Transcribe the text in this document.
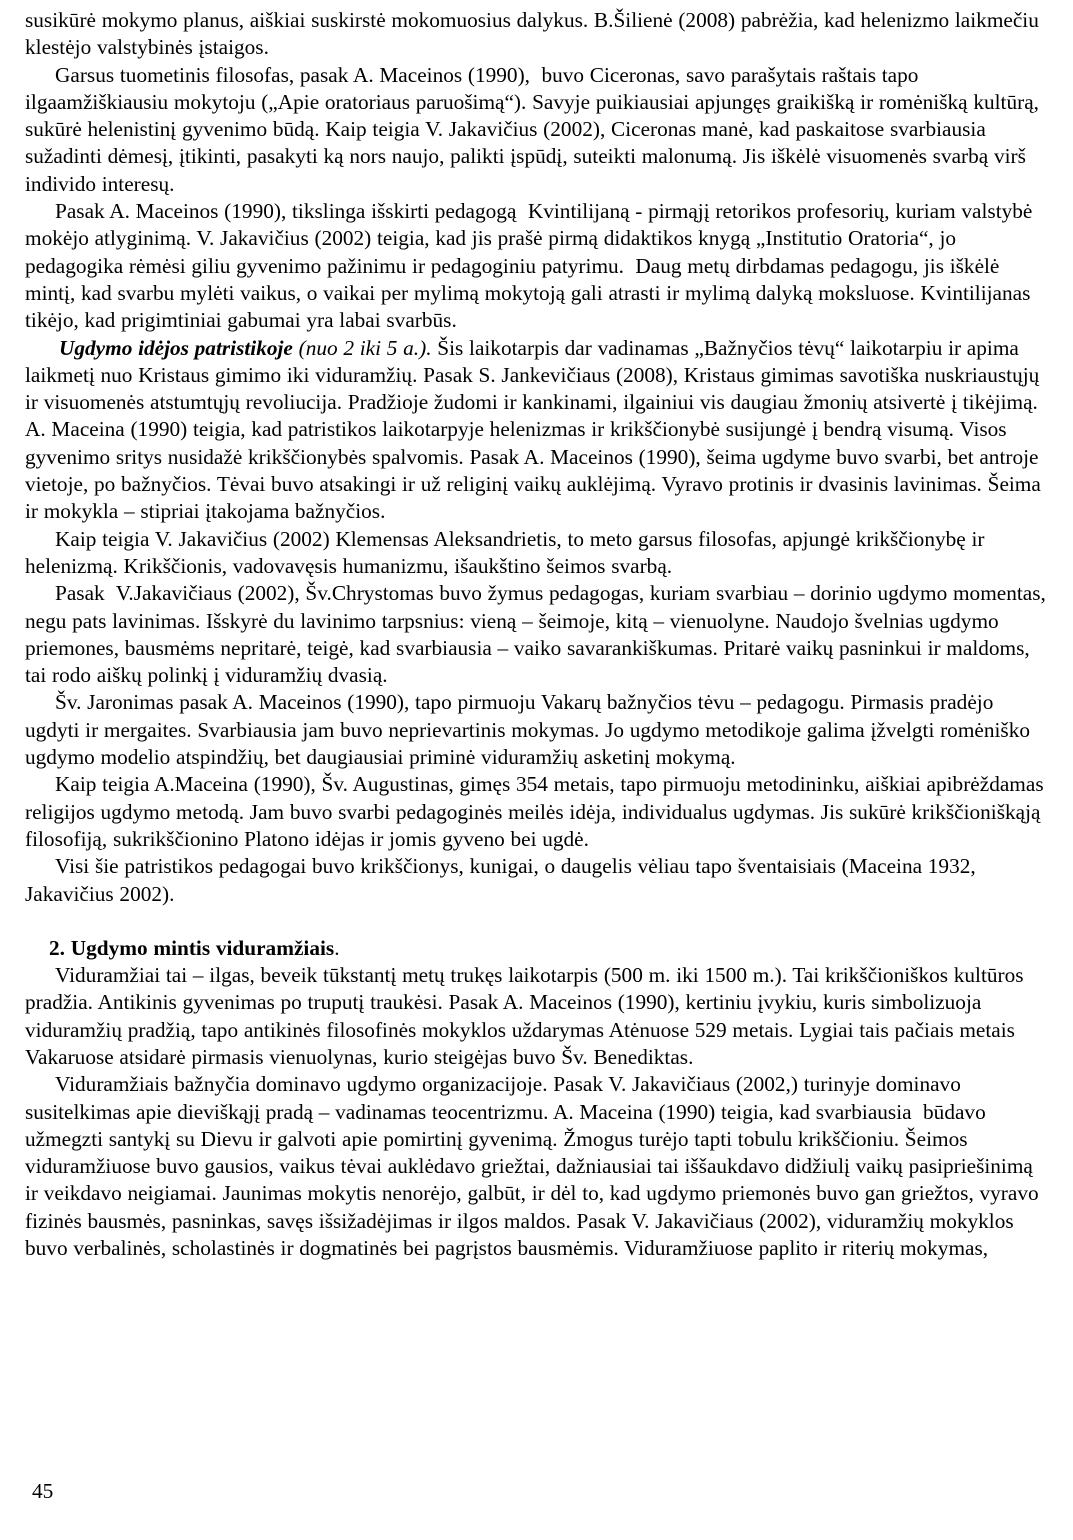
susikūrė mokymo planus, aiškiai suskirstė mokomuosius dalykus. B.Šilienė (2008) pabrėžia, kad helenizmo laikmečiu klestėjo valstybinės įstaigos.

Garsus tuometinis filosofas, pasak A. Maceinos (1990),  buvo Ciceronas, savo parašytais raštais tapo ilgaamžiškiausiu mokytoju („Apie oratoriaus paruošimą“). Savyje puikiausiai apjungęs graikišką ir romėnišką kultūrą, sukūrė helenistinį gyvenimo būdą. Kaip teigia V. Jakavičius (2002), Ciceronas manė, kad paskaitose svarbiausia sužadinti dėmesį, įtikinti, pasakyti ką nors naujo, palikti įspūdį, suteikti malonumą. Jis iškėlė visuomenės svarbą virš individo interesų.

Pasak A. Maceinos (1990), tikslinga išskirti pedagogą  Kvintilijaną - pirmąjį retorikos profesorių, kuriam valstybė mokėjo atlyginimą. V. Jakavičius (2002) teigia, kad jis prašė pirmą didaktikos knygą „Institutio Oratoria“, jo pedagogika rėmėsi giliu gyvenimo pažinimu ir pedagoginiu patyrimu.  Daug metų dirbdamas pedagogu, jis iškėlė mintį, kad svarbu mylėti vaikus, o vaikai per mylimą mokytoją gali atrasti ir mylimą dalyką moksluose. Kvintilijanas tikėjo, kad prigimtiniai gabumai yra labai svarbūs.

Ugdymo idėjos patristikoje (nuo 2 iki 5 a.). Šis laikotarpis dar vadinamas „Bažnyčios tėvų“ laikotarpiu ir apima laikmetį nuo Kristaus gimimo iki viduramžių. Pasak S. Jankevičiaus (2008), Kristaus gimimas savotiška nuskriaustųjų ir visuomenės atstumtųjų revoliucija. Pradžioje žudomi ir kankinami, ilgainiui vis daugiau žmonių atsivertė į tikėjimą. A. Maceina (1990) teigia, kad patristikos laikotarpyje helenizmas ir krikščionybė susijungė į bendrą visumą. Visos gyvenimo sritys nusidažė krikščionybės spalvomis. Pasak A. Maceinos (1990), šeima ugdyme buvo svarbi, bet antroje vietoje, po bažnyčios. Tėvai buvo atsakingi ir už religinį vaikų auklėjimą. Vyravo protinis ir dvasinis lavinimas. Šeima ir mokykla – stipriai įtakojama bažnyčios.

Kaip teigia V. Jakavičius (2002) Klemensas Aleksandrietis, to meto garsus filosofas, apjungė krikščionybę ir helenizmą. Krikščionis, vadovavęsis humanizmu, išaukštino šeimos svarbą.

Pasak  V.Jakavičiaus (2002), Šv.Chrystomas buvo žymus pedagogas, kuriam svarbiau – dorinio ugdymo momentas, negu pats lavinimas. Išskyrė du lavinimo tarpsnius: vieną – šeimoje, kitą – vienuolyne. Naudojo švelnias ugdymo priemones, bausmėms nepritarė, teigė, kad svarbiausia – vaiko savarankiškumas. Pritarė vaikų pasninkui ir maldoms, tai rodo aiškų polinkį į viduramžių dvasią.

Šv. Jaronimas pasak A. Maceinos (1990), tapo pirmuoju Vakarų bažnyčios tėvu – pedagogu. Pirmasis pradėjo ugdyti ir mergaites. Svarbiausia jam buvo neprievartinis mokymas. Jo ugdymo metodikoje galima įžvelgti romėniško ugdymo modelio atspindžių, bet daugiausiai priminė viduramžių asketinį mokymą.

Kaip teigia A.Maceina (1990), Šv. Augustinas, gimęs 354 metais, tapo pirmuoju metodininku, aiškiai apibrėždamas religijos ugdymo metodą. Jam buvo svarbi pedagoginės meilės idėja, individualus ugdymas. Jis sukūrė krikščioniškąją filosofiją, sukrikščionino Platono idėjas ir jomis gyveno bei ugdė.

Visi šie patristikos pedagogai buvo krikščionys, kunigai, o daugelis vėliau tapo šventaisiais (Maceina 1932, Jakavičius 2002).

2. Ugdymo mintis viduramžiais.

Viduramžiai tai – ilgas, beveik tūkstantį metų trukęs laikotarpis (500 m. iki 1500 m.). Tai krikščioniškos kultūros pradžia. Antikinis gyvenimas po truputį traukėsi. Pasak A. Maceinos (1990), kertiniu įvykiu, kuris simbolizuoja viduramžių pradžią, tapo antikinės filosofinės mokyklos uždarymas Atėnuose 529 metais. Lygiai tais pačiais metais Vakaruose atsidarė pirmasis vienuolynas, kurio steigėjas buvo Šv. Benediktas.

Viduramžiais bažnyčia dominavo ugdymo organizacijoje. Pasak V. Jakavičiaus (2002,) turinyje dominavo susitelkimas apie dieviškąjį pradą – vadinamas teocentrizmu. A. Maceina (1990) teigia, kad svarbiausia  būdavo užmegzti santykį su Dievu ir galvoti apie pomirtinį gyvenimą. Žmogus turėjo tapti tobulu krikščioniu. Šeimos viduramžiuose buvo gausios, vaikus tėvai auklėdavo griežtai, dažniausiai tai iššaukdavo didžiulį vaikų pasipriešinimą ir veikdavo neigiamai. Jaunimas mokytis nenorėjo, galbūt, ir dėl to, kad ugdymo priemonės buvo gan griežtos, vyravo fizinės bausmės, pasninkas, savęs išsižadėjimas ir ilgos maldos. Pasak V. Jakavičiaus (2002), viduramžių mokyklos buvo verbalinės, scholastinės ir dogmatinės bei pagrįstos bausmėmis. Viduramžiuose paplito ir riterių mokymas,

45
